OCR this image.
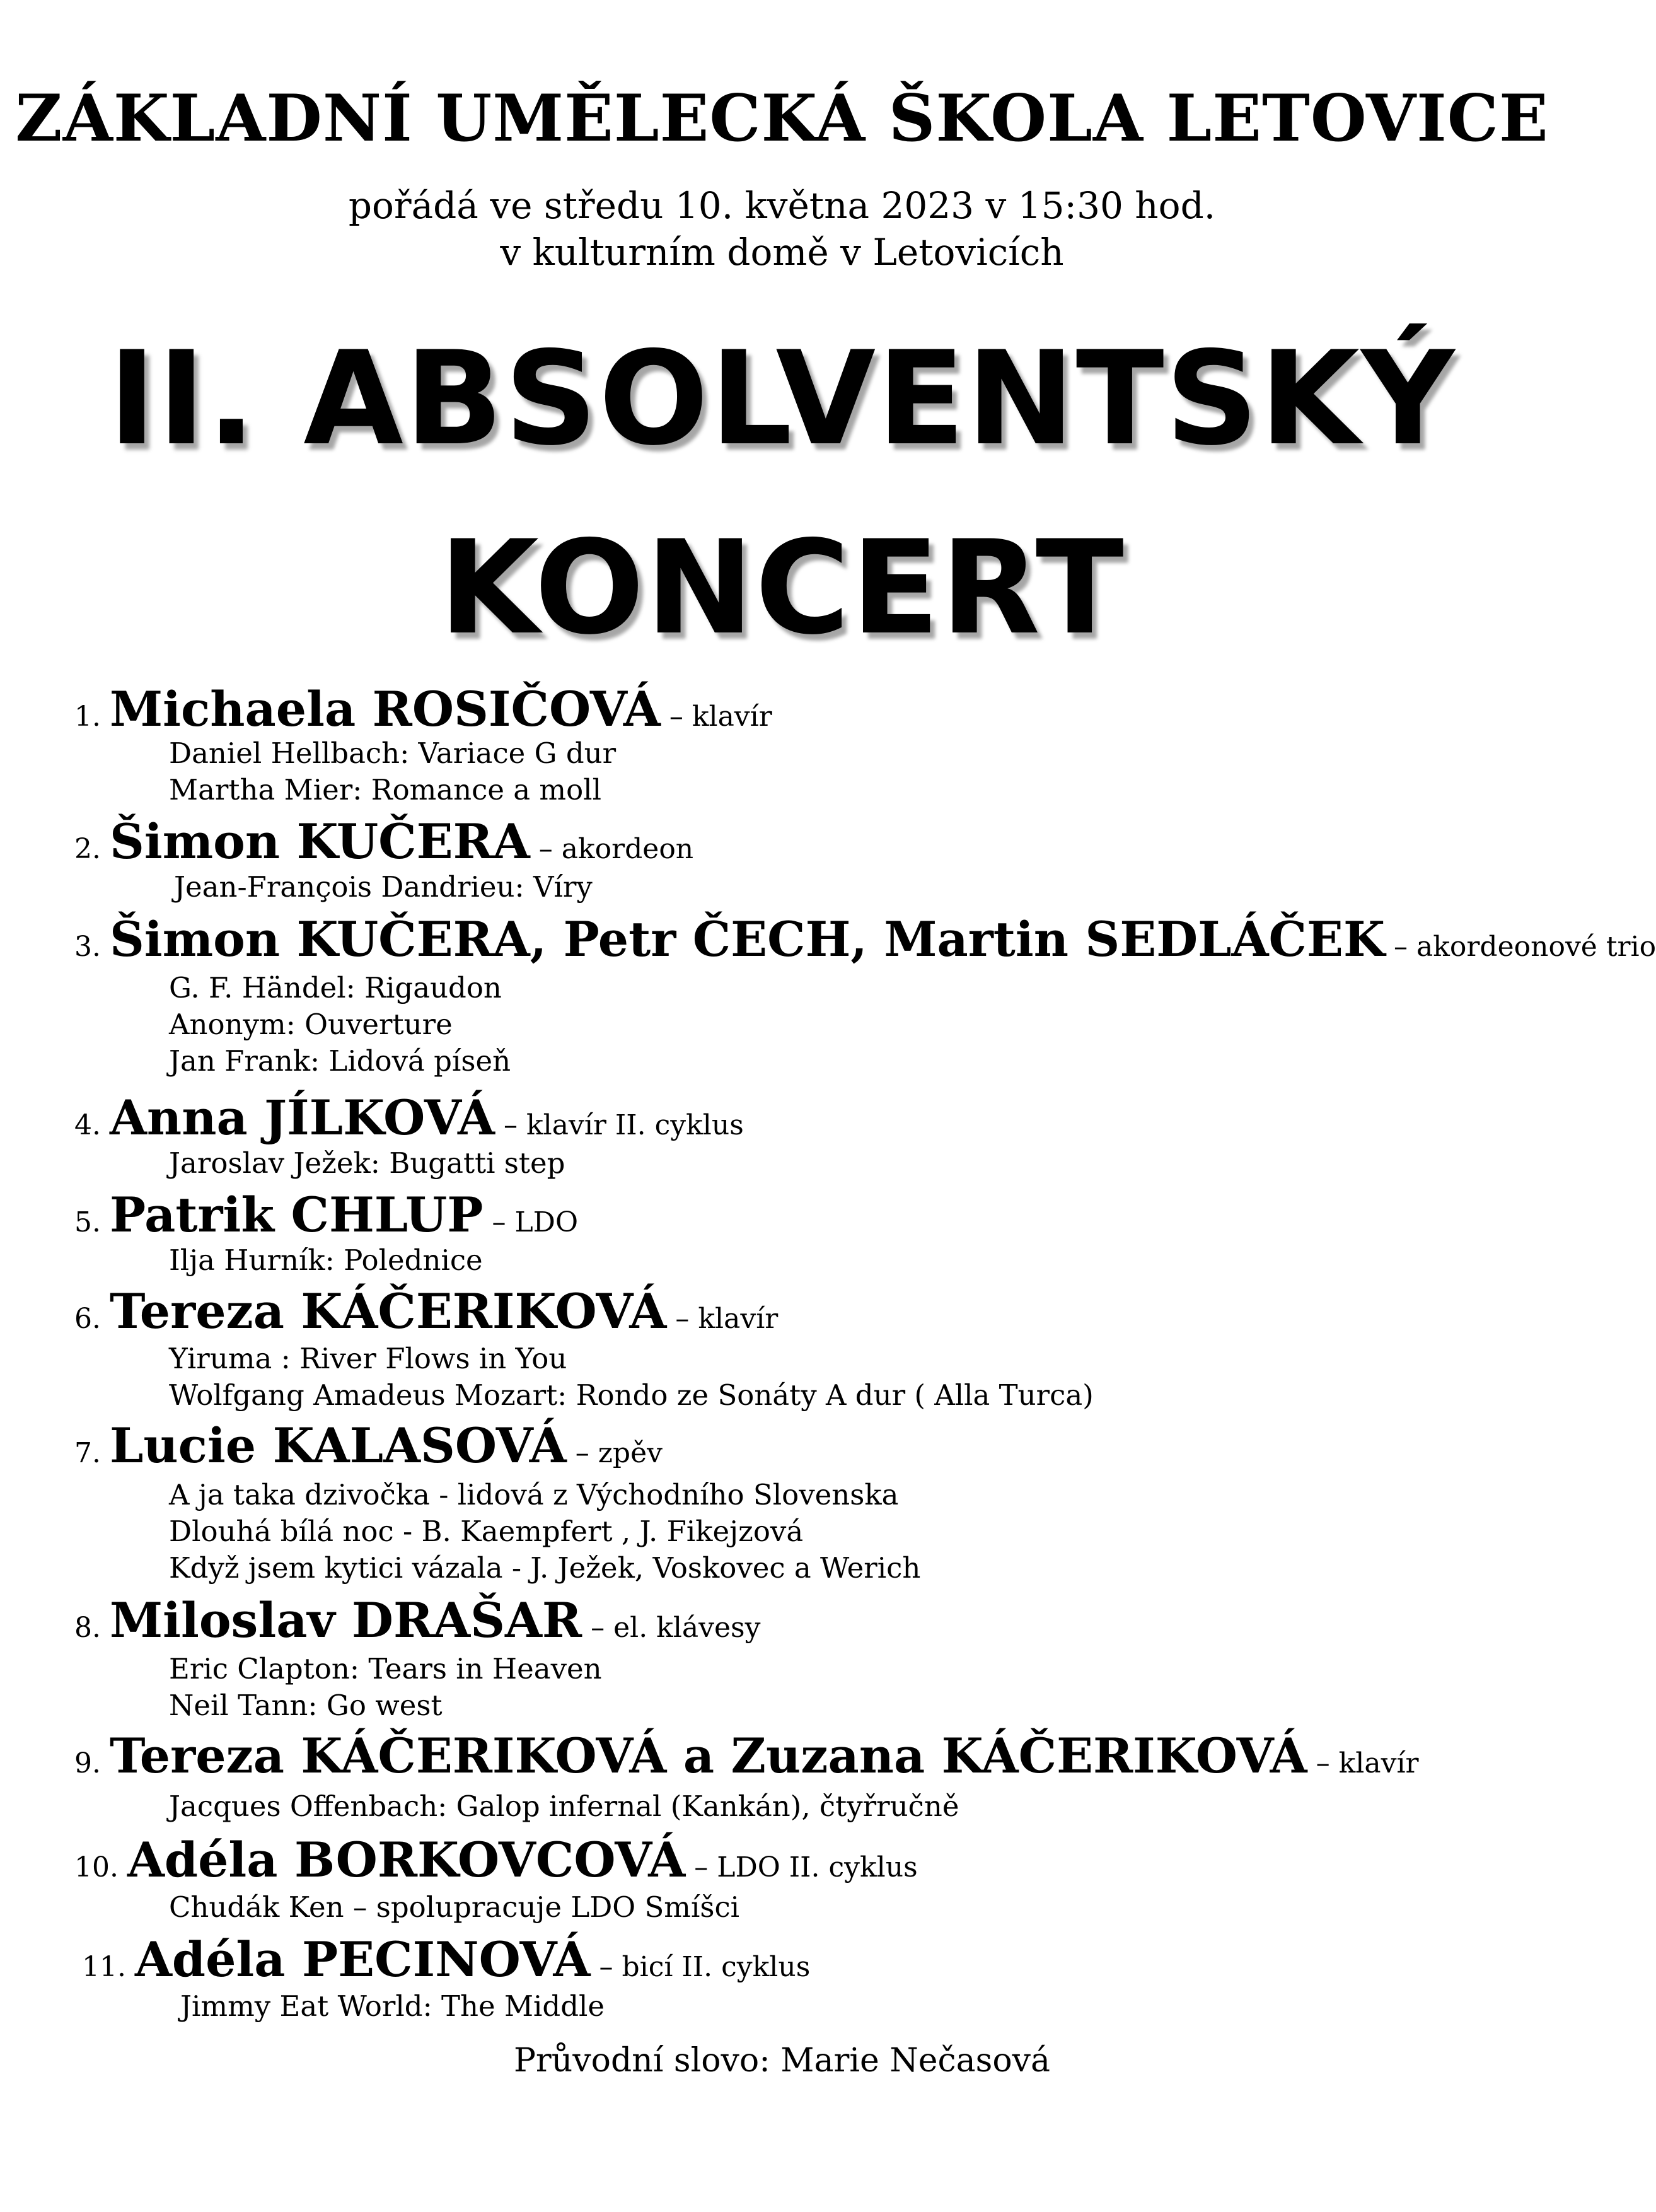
ZÁKLADNÍ UMĚLECKÁ ŠKOLA LETOVICE
pořádá ve středu 10. května 2023 v 15:30 hod.
v kulturním domě v Letovicích
II. ABSOLVENTSKÝ
KONCERT
1. Michaela ROSIČOVÁ – klavír
Daniel Hellbach: Variace G dur
Martha Mier: Romance a moll
2. Šimon KUČERA – akordeon
Jean-François Dandrieu: Víry
3. Šimon KUČERA, Petr ČECH, Martin SEDLÁČEK – akordeonové trio
G. F. Händel: Rigaudon
Anonym: Ouverture
Jan Frank: Lidová píseň
4. Anna JÍLKOVÁ – klavír II. cyklus
Jaroslav Ježek: Bugatti step
5. Patrik CHLUP – LDO
Ilja Hurník: Polednice
6. Tereza KÁČERIKOVÁ – klavír
Yiruma : River Flows in You
Wolfgang Amadeus Mozart: Rondo ze Sonáty A dur ( Alla Turca)
7. Lucie KALASOVÁ – zpěv
A ja taka dzivočka - lidová z Východního Slovenska
Dlouhá bílá noc - B. Kaempfert , J. Fikejzová
Když jsem kytici vázala - J. Ježek, Voskovec a Werich
8. Miloslav DRAŠAR – el. klávesy
Eric Clapton: Tears in Heaven
Neil Tann: Go west
9. Tereza KÁČERIKOVÁ a Zuzana KÁČERIKOVÁ – klavír
Jacques Offenbach: Galop infernal (Kankán), čtyřručně
10. Adéla BORKOVCOVÁ – LDO II. cyklus
Chudák Ken – spolupracuje LDO Smíšci
11. Adéla PECINOVÁ – bicí II. cyklus
Jimmy Eat World: The Middle
Průvodní slovo: Marie Nečasová
